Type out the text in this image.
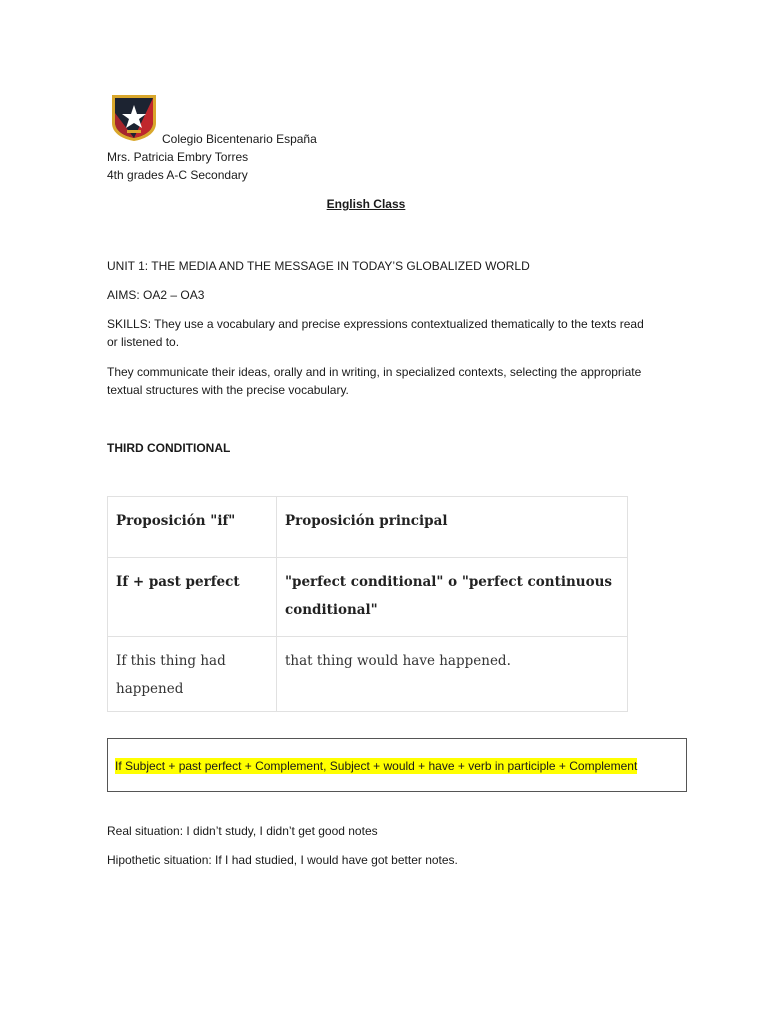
Colegio Bicentenario España
Mrs. Patricia Embry Torres
4th grades A-C Secondary
English Class
UNIT 1: THE MEDIA AND THE MESSAGE IN TODAY’S GLOBALIZED WORLD
AIMS: OA2 – OA3
SKILLS: They use a vocabulary and precise expressions contextualized thematically to the texts read or listened to.
They communicate their ideas, orally and in writing, in specialized contexts, selecting the appropriate textual structures with the precise vocabulary.
THIRD CONDITIONAL
Proposición "if"	Proposición principal
If + past perfect	"perfect conditional" o "perfect continuous conditional"
If this thing had happened	that thing would have happened.
If Subject + past perfect + Complement, Subject + would + have + verb in participle + Complement
Real situation: I didn’t study, I didn’t get good notes
Hipothetic situation: If I had studied, I would have got better notes.
